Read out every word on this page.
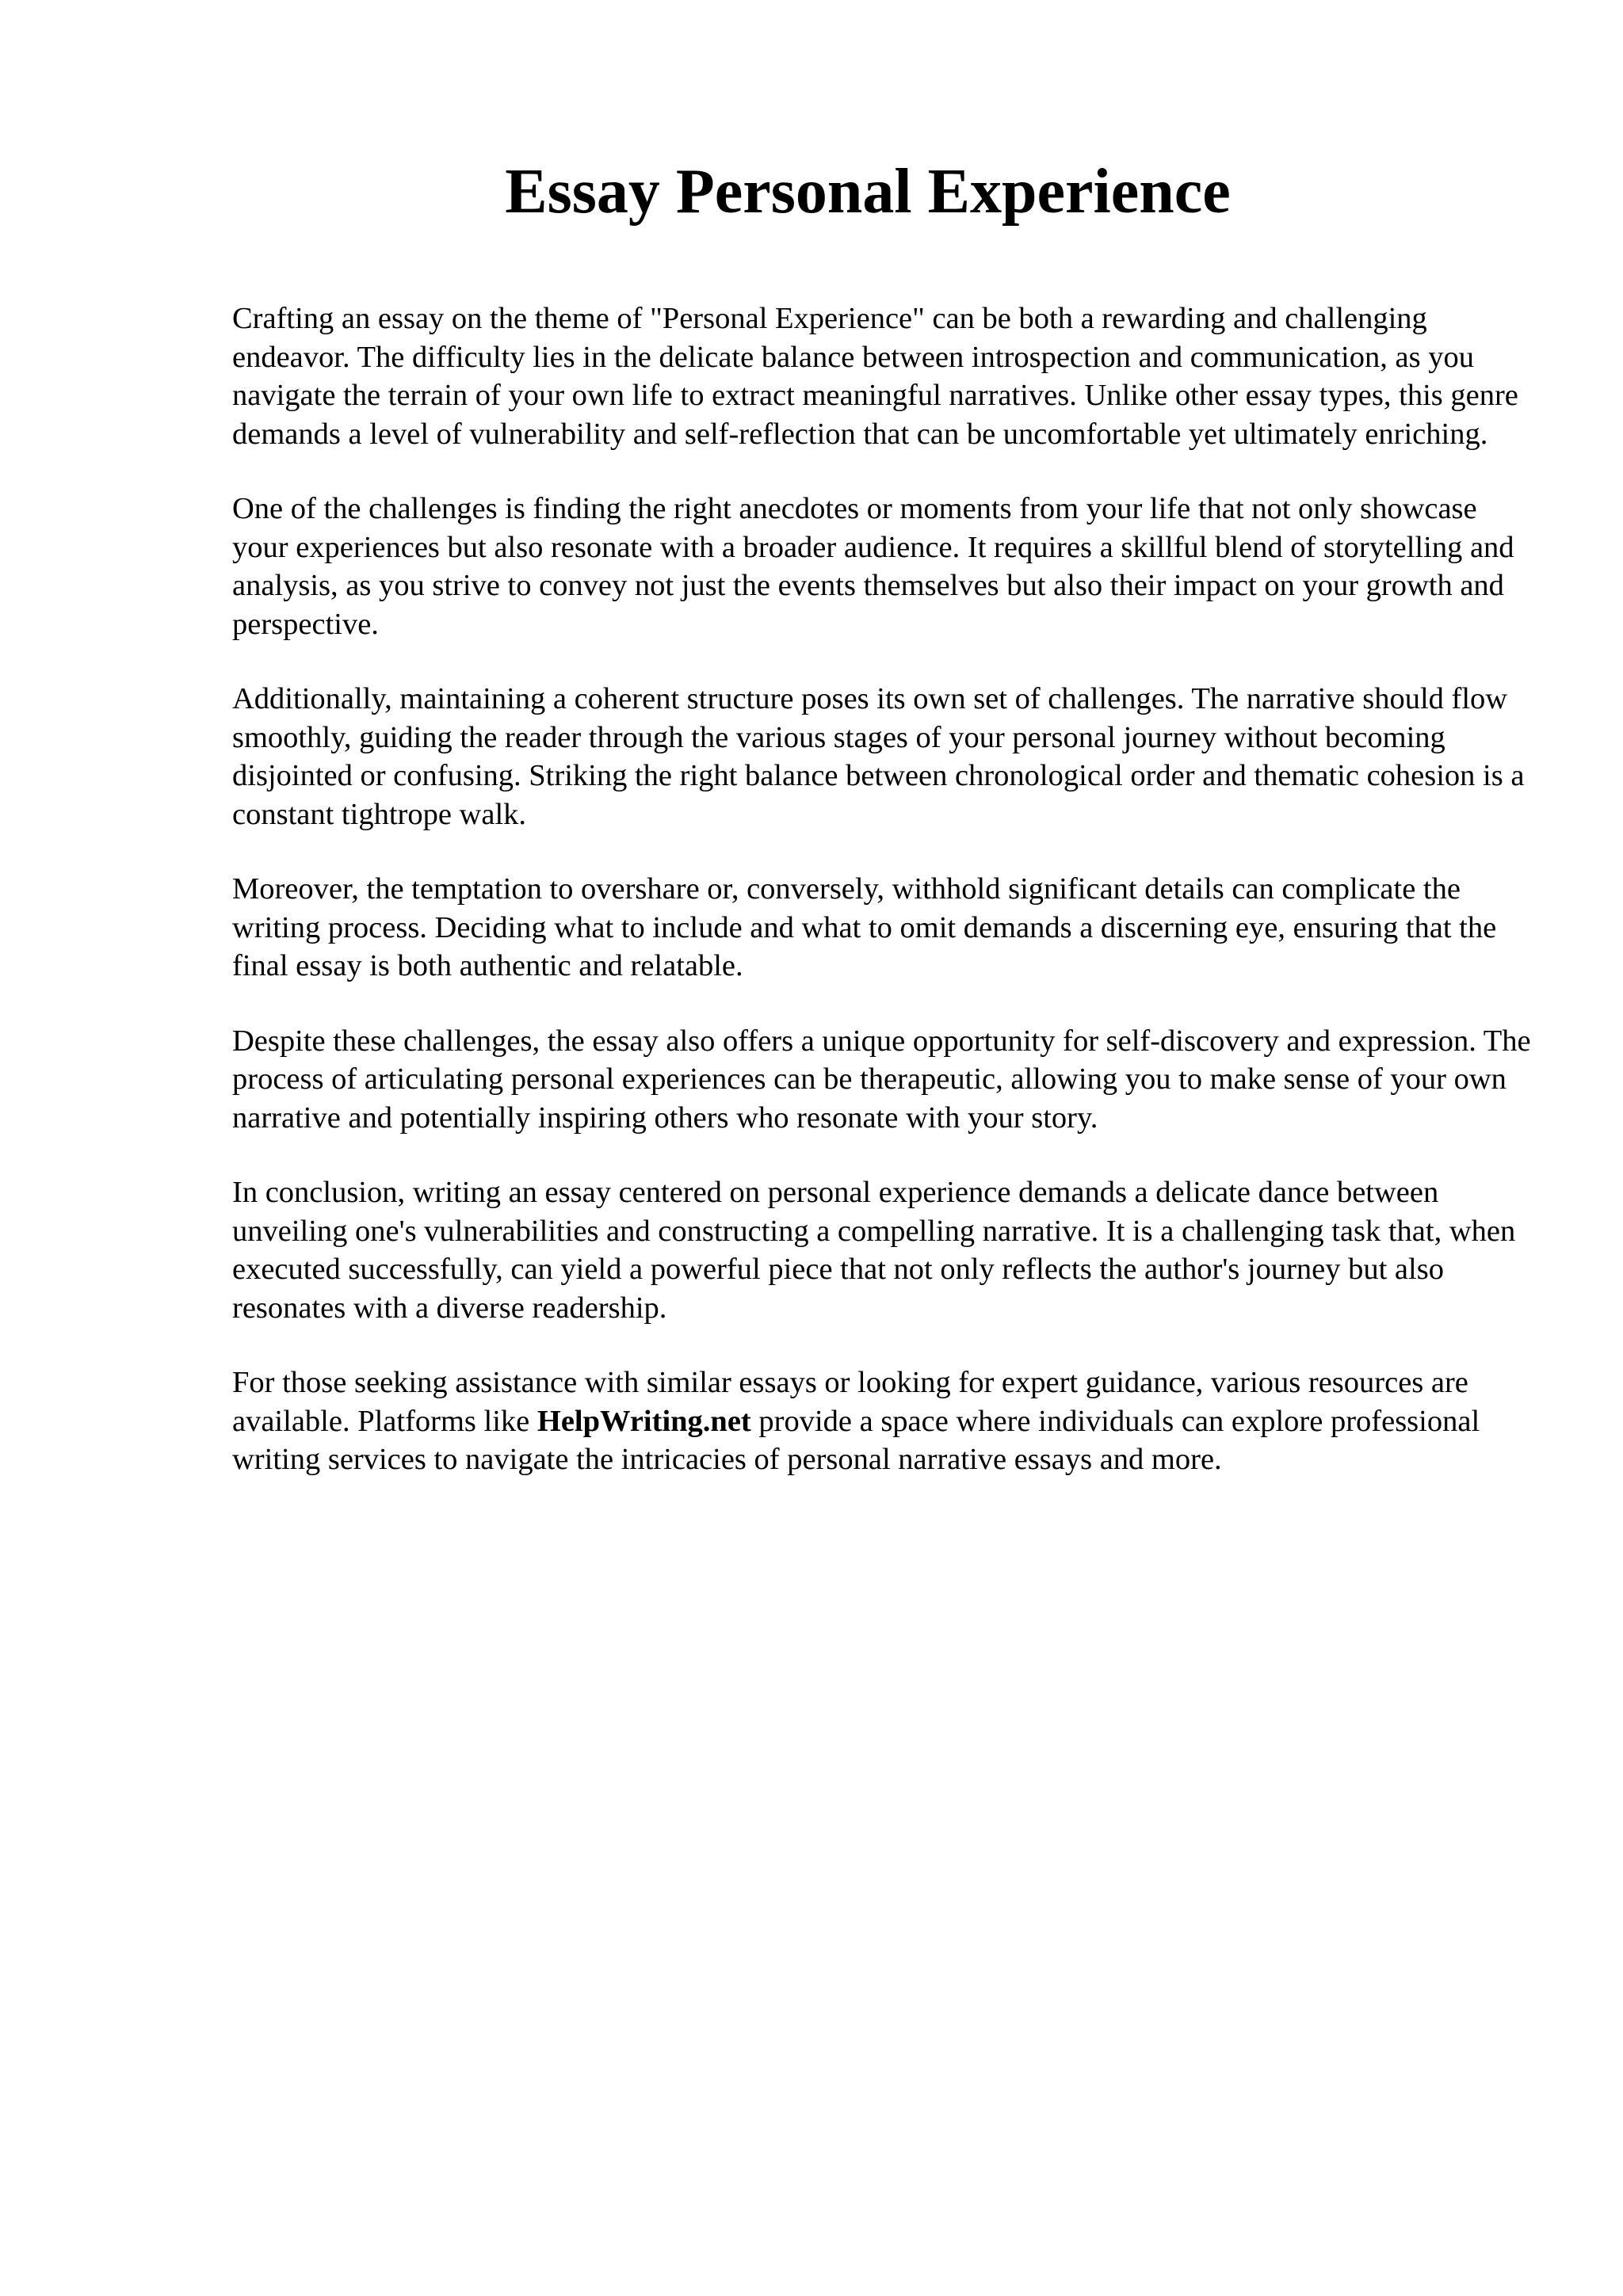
Essay Personal Experience

Crafting an essay on the theme of "Personal Experience" can be both a rewarding and challenging endeavor. The difficulty lies in the delicate balance between introspection and communication, as you navigate the terrain of your own life to extract meaningful narratives. Unlike other essay types, this genre demands a level of vulnerability and self-reflection that can be uncomfortable yet ultimately enriching.

One of the challenges is finding the right anecdotes or moments from your life that not only showcase your experiences but also resonate with a broader audience. It requires a skillful blend of storytelling and analysis, as you strive to convey not just the events themselves but also their impact on your growth and perspective.

Additionally, maintaining a coherent structure poses its own set of challenges. The narrative should flow smoothly, guiding the reader through the various stages of your personal journey without becoming disjointed or confusing. Striking the right balance between chronological order and thematic cohesion is a constant tightrope walk.

Moreover, the temptation to overshare or, conversely, withhold significant details can complicate the writing process. Deciding what to include and what to omit demands a discerning eye, ensuring that the final essay is both authentic and relatable.

Despite these challenges, the essay also offers a unique opportunity for self-discovery and expression. The process of articulating personal experiences can be therapeutic, allowing you to make sense of your own narrative and potentially inspiring others who resonate with your story.

In conclusion, writing an essay centered on personal experience demands a delicate dance between unveiling one's vulnerabilities and constructing a compelling narrative. It is a challenging task that, when executed successfully, can yield a powerful piece that not only reflects the author's journey but also resonates with a diverse readership.

For those seeking assistance with similar essays or looking for expert guidance, various resources are available. Platforms like HelpWriting.net provide a space where individuals can explore professional writing services to navigate the intricacies of personal narrative essays and more.
